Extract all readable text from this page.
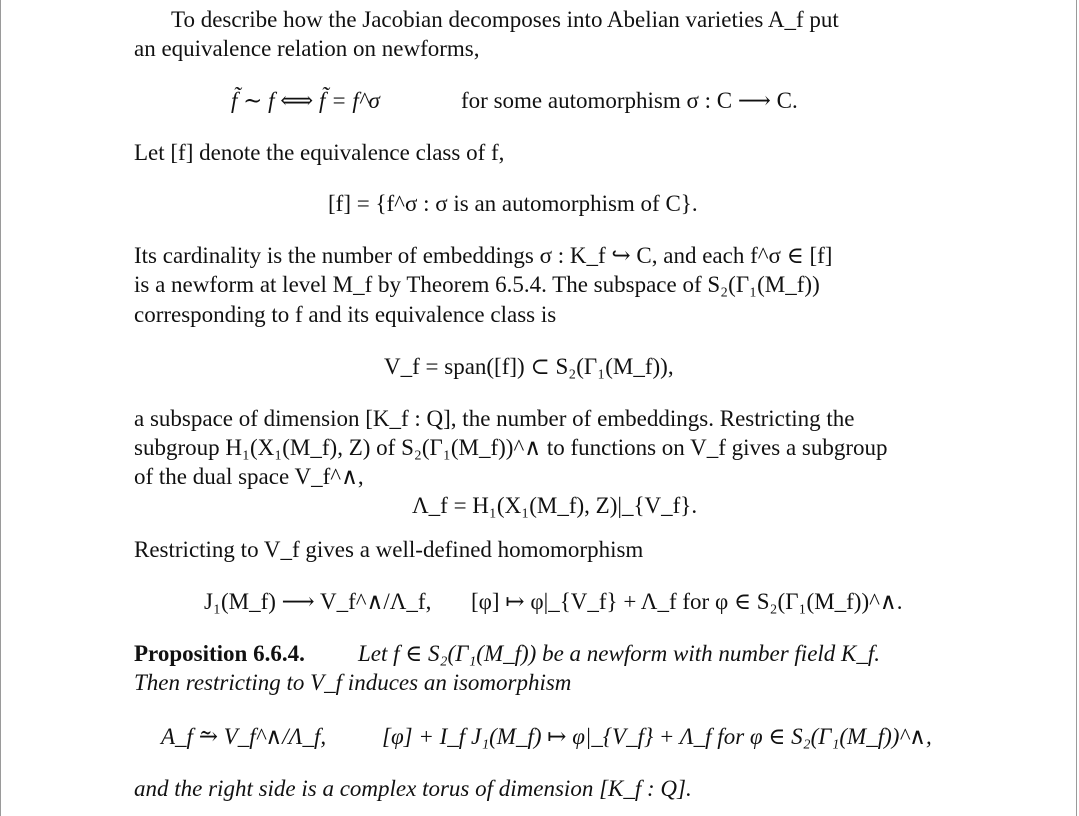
To describe how the Jacobian decomposes into Abelian varieties A_f put
an equivalence relation on newforms,
f̃ ∼ f ⟺ f̃ = f^σ	for some automorphism σ : C ⟶ C.
Let [f] denote the equivalence class of f,
[f] = {f^σ : σ is an automorphism of C}.
Its cardinality is the number of embeddings σ : K_f ↪ C, and each f^σ ∈ [f]
is a newform at level M_f by Theorem 6.5.4. The subspace of S₂(Γ₁(M_f))
corresponding to f and its equivalence class is
V_f = span([f]) ⊂ S₂(Γ₁(M_f)),
a subspace of dimension [K_f : Q], the number of embeddings. Restricting the
subgroup H₁(X₁(M_f), Z) of S₂(Γ₁(M_f))^∧ to functions on V_f gives a subgroup
of the dual space V_f^∧,
Λ_f = H₁(X₁(M_f), Z)|_{V_f}.
Restricting to V_f gives a well-defined homomorphism
J₁(M_f) ⟶ V_f^∧/Λ_f, [φ] ↦ φ|_{V_f} + Λ_f for φ ∈ S₂(Γ₁(M_f))^∧.
Proposition 6.6.4. Let f ∈ S₂(Γ₁(M_f)) be a newform with number field K_f.
Then restricting to V_f induces an isomorphism
A_f ⥲ V_f^∧/Λ_f, [φ] + I_f J₁(M_f) ↦ φ|_{V_f} + Λ_f for φ ∈ S₂(Γ₁(M_f))^∧,
and the right side is a complex torus of dimension [K_f : Q].
